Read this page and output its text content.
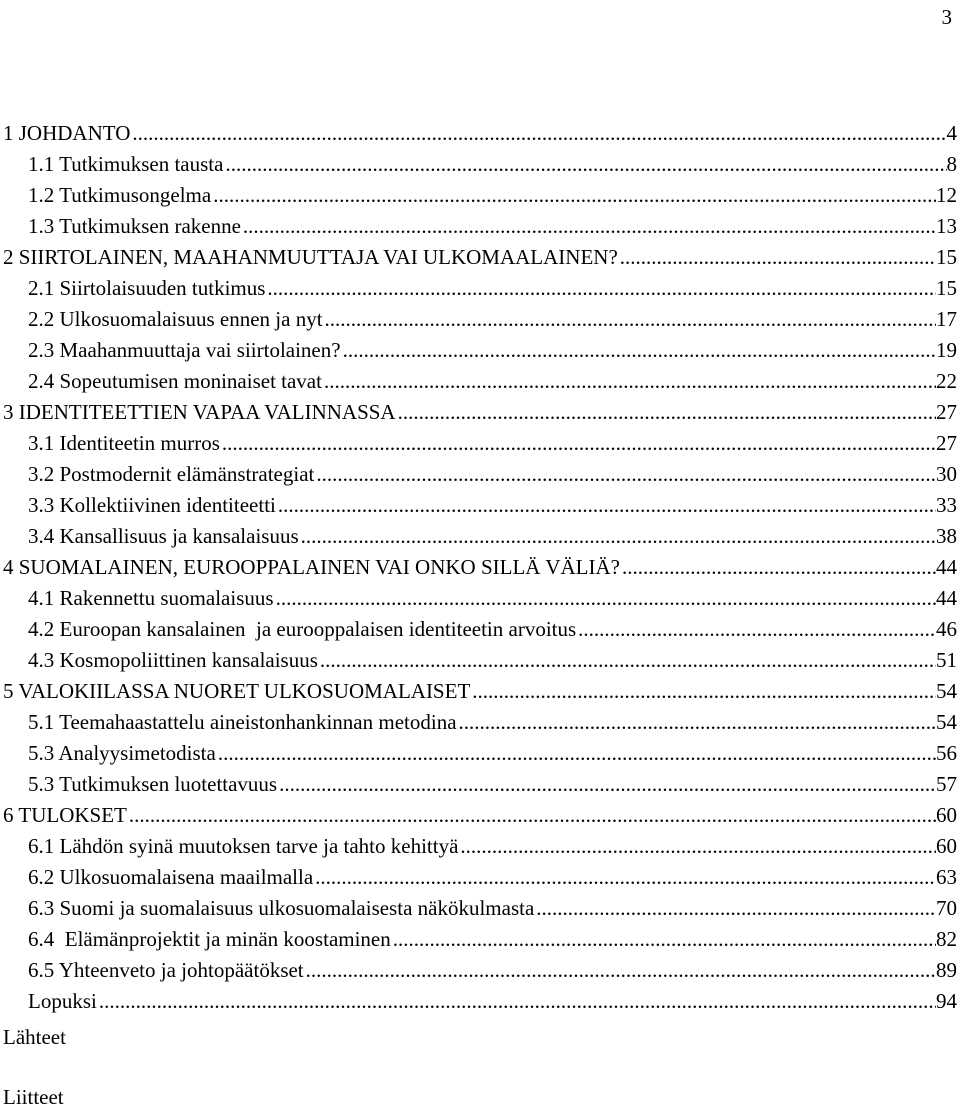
3
1 JOHDANTO .....	4
1.1 Tutkimuksen tausta .....	8
1.2 Tutkimusongelma .....	12
1.3 Tutkimuksen rakenne .....	13
2 SIIRTOLAINEN, MAAHANMUUTTAJA VAI ULKOMAALAINEN? .....	15
2.1 Siirtolaisuuden tutkimus .....	15
2.2 Ulkosuomalaisuus ennen ja nyt .....	17
2.3 Maahanmuuttaja vai siirtolainen? .....	19
2.4 Sopeutumisen moninaiset tavat .....	22
3 IDENTITEETTIEN VAPAA VALINNASSA .....	27
3.1 Identiteetin murros .....	27
3.2 Postmodernit elämänstrategiat .....	30
3.3 Kollektiivinen identiteetti .....	33
3.4 Kansallisuus ja kansalaisuus .....	38
4 SUOMALAINEN, EUROOPPALAINEN VAI ONKO SILLÄ VÄLIÄ? .....	44
4.1 Rakennettu suomalaisuus .....	44
4.2 Euroopan kansalainen  ja eurooppalaisen identiteetin arvoitus .....	46
4.3 Kosmopoliittinen kansalaisuus .....	51
5 VALOKIILASSA NUORET ULKOSUOMALAISET .....	54
5.1 Teemahaastattelu aineistonhankinnan metodina .....	54
5.3 Analyysimetodista .....	56
5.3 Tutkimuksen luotettavuus .....	57
6 TULOKSET .....	60
6.1 Lähdön syinä muutoksen tarve ja tahto kehittyä .....	60
6.2 Ulkosuomalaisena maailmalla .....	63
6.3 Suomi ja suomalaisuus ulkosuomalaisesta näkökulmasta .....	70
6.4  Elämänprojektit ja minän koostaminen .....	82
6.5 Yhteenveto ja johtopäätökset .....	89
Lopuksi .....	94
Lähteet
Liitteet
